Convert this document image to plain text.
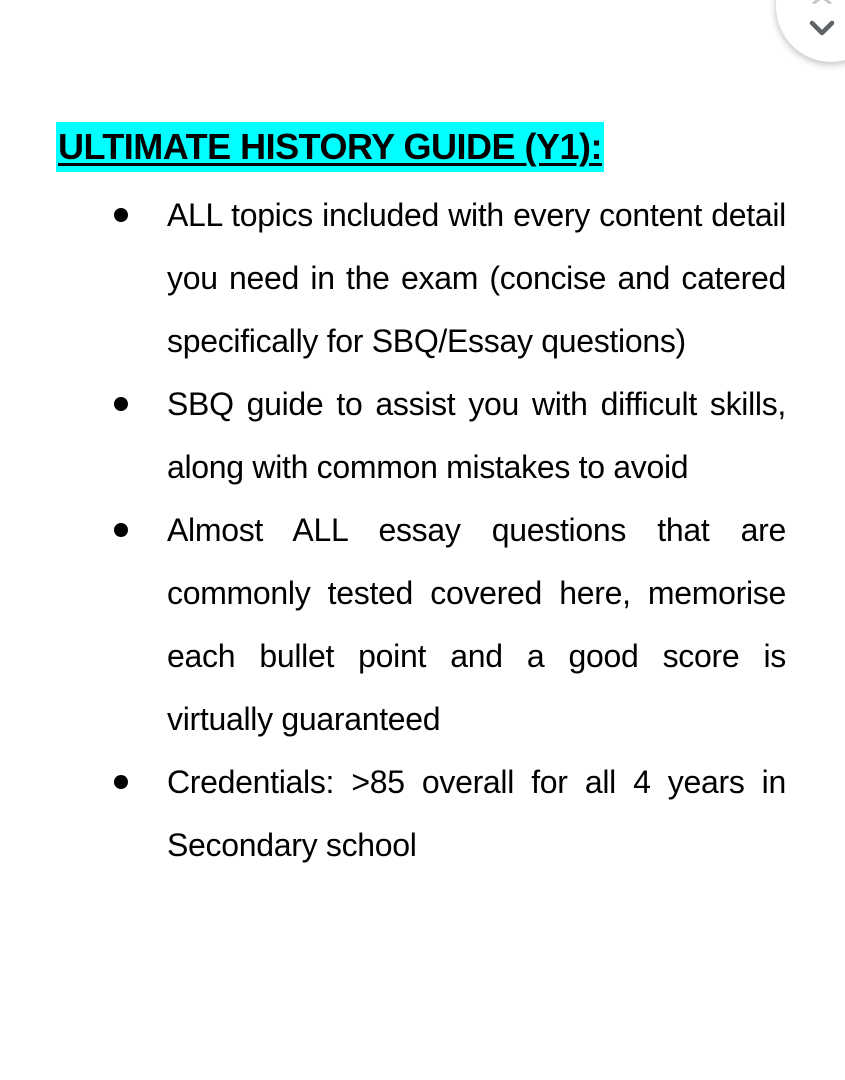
ULTIMATE HISTORY GUIDE (Y1):
ALL topics included with every content detail you need in the exam (concise and catered specifically for SBQ/Essay questions)
SBQ guide to assist you with difficult skills, along with common mistakes to avoid
Almost ALL essay questions that are commonly tested covered here, memorise each bullet point and a good score is virtually guaranteed
Credentials: >85 overall for all 4 years in Secondary school
